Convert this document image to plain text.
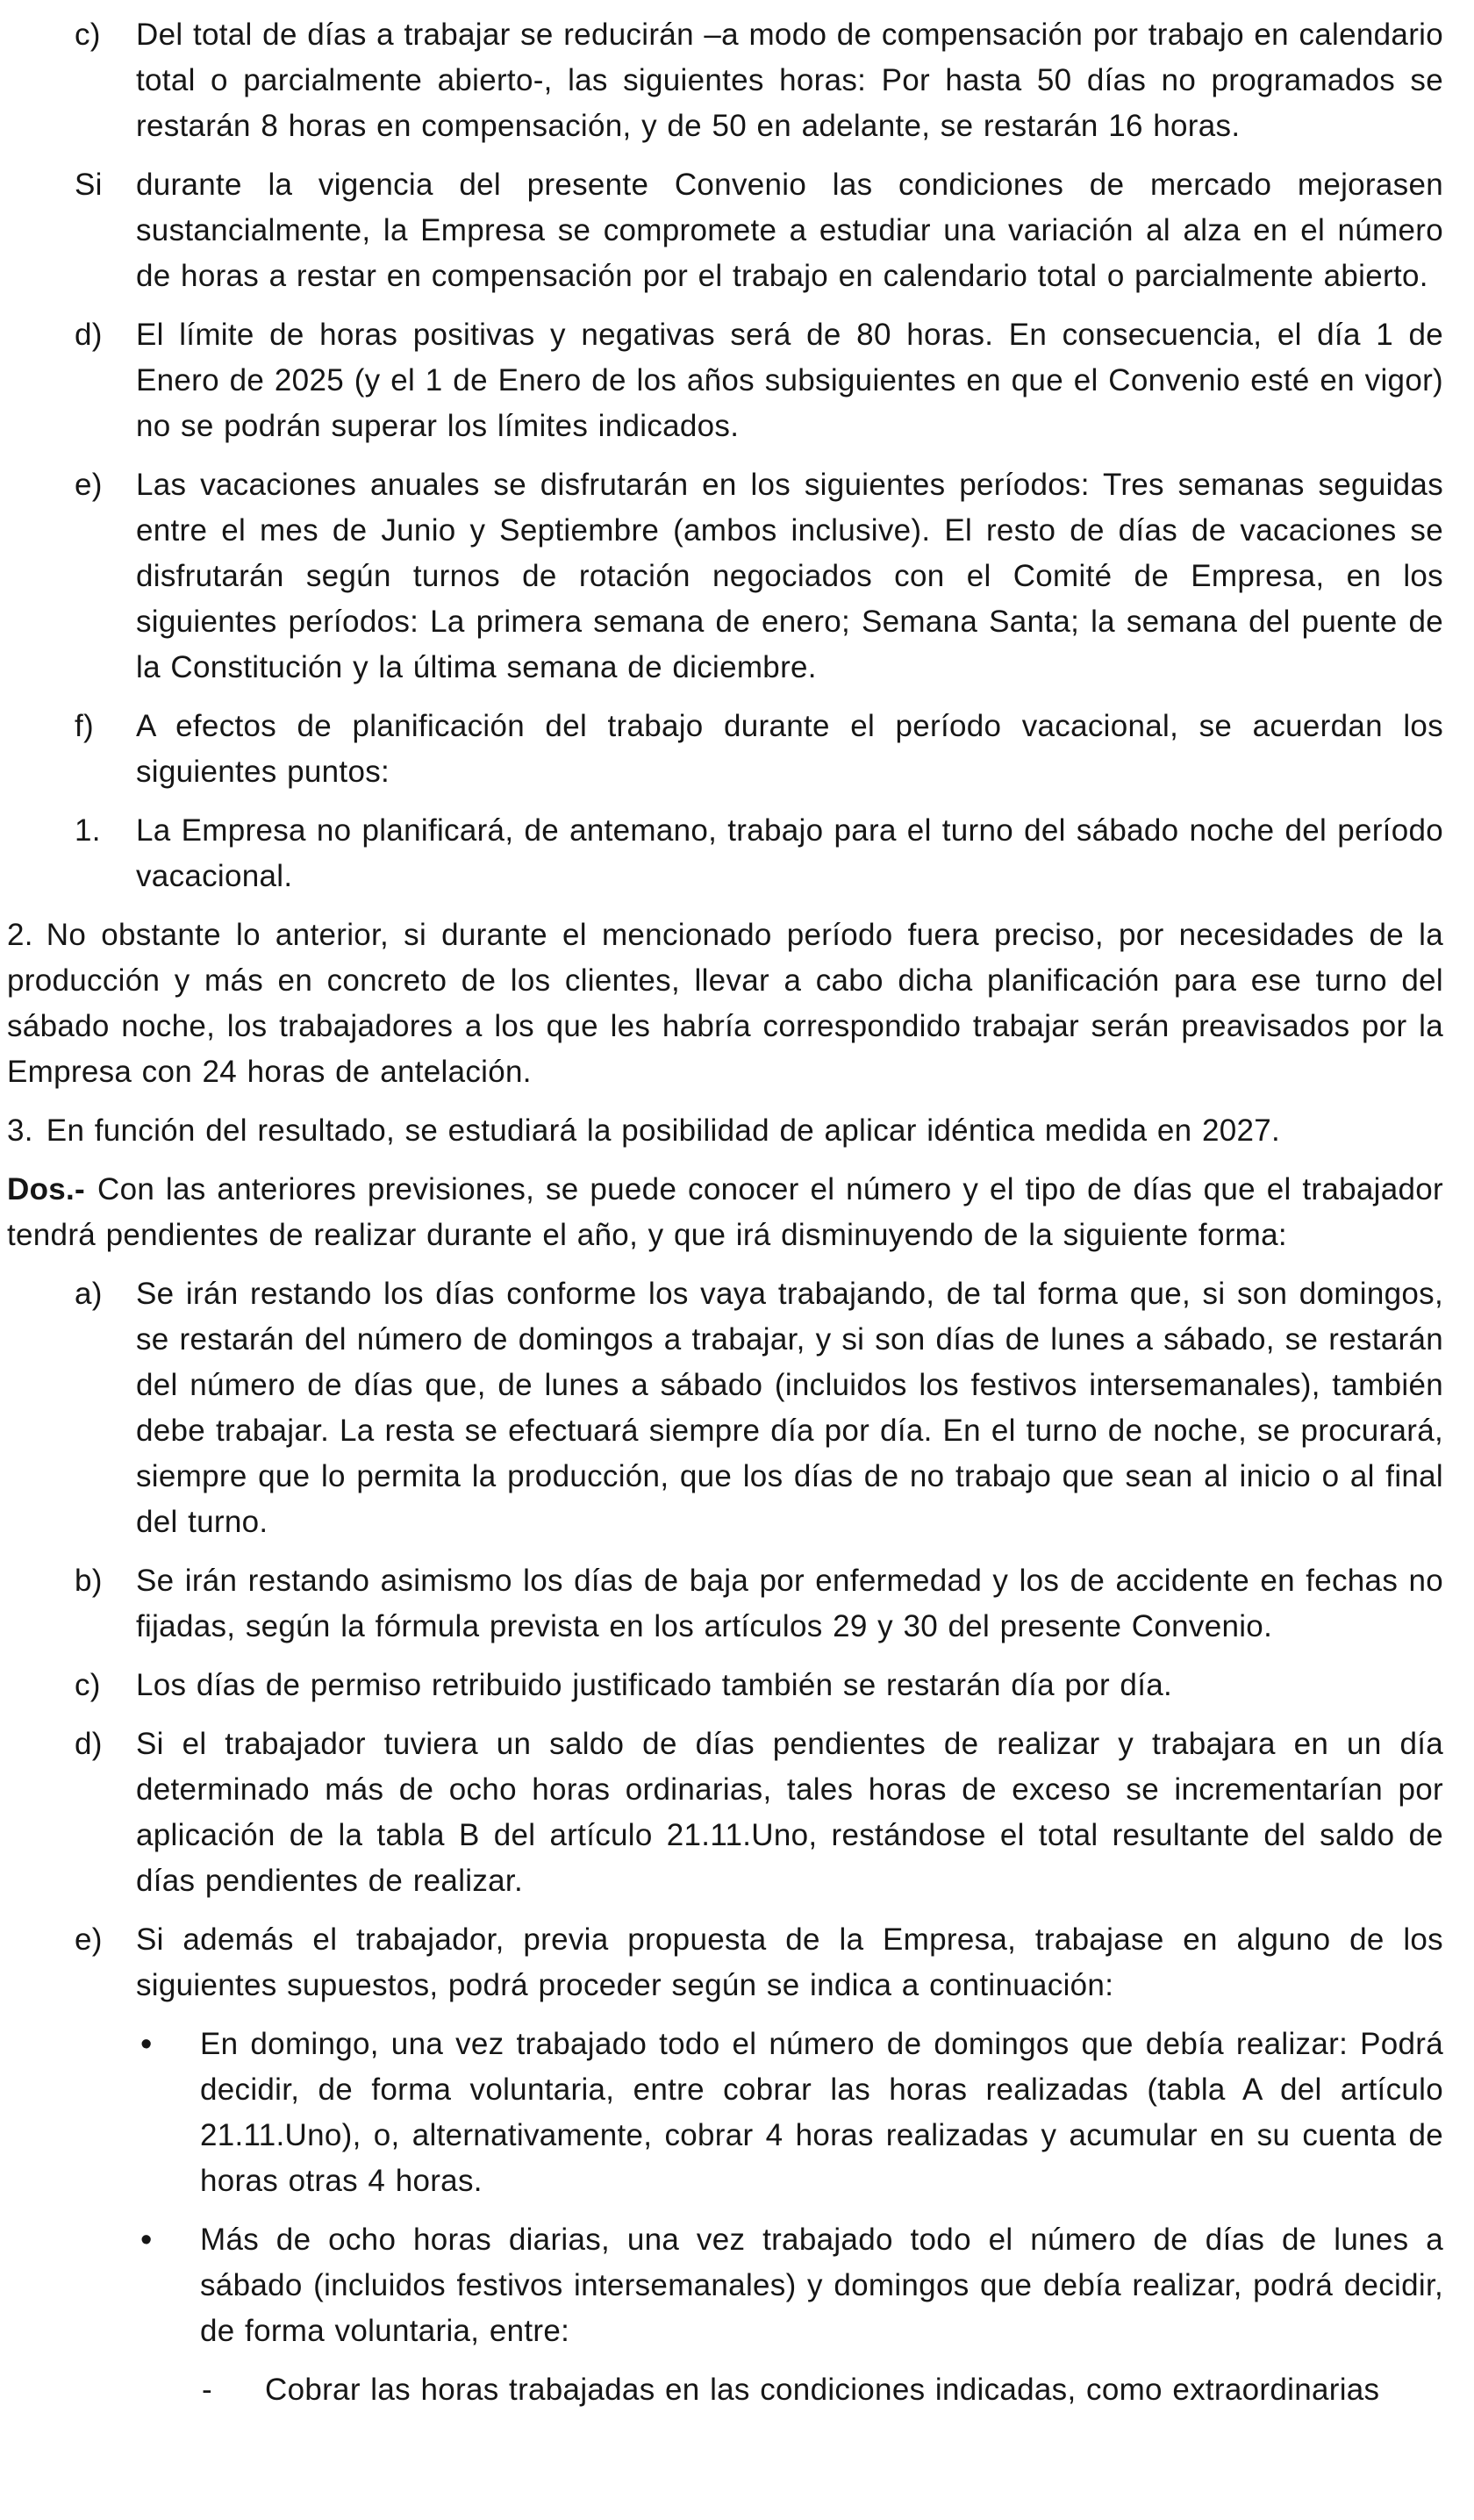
c) Del total de días a trabajar se reducirán –a modo de compensación por trabajo en calendario total o parcialmente abierto-, las siguientes horas: Por hasta 50 días no programados se restarán 8 horas en compensación, y de 50 en adelante, se restarán 16 horas.

Si durante la vigencia del presente Convenio las condiciones de mercado mejorasen sustancialmente, la Empresa se compromete a estudiar una variación al alza en el número de horas a restar en compensación por el trabajo en calendario total o parcialmente abierto.

d) El límite de horas positivas y negativas será de 80 horas. En consecuencia, el día 1 de Enero de 2025 (y el 1 de Enero de los años subsiguientes en que el Convenio esté en vigor) no se podrán superar los límites indicados.

e) Las vacaciones anuales se disfrutarán en los siguientes períodos: Tres semanas seguidas entre el mes de Junio y Septiembre (ambos inclusive). El resto de días de vacaciones se disfrutarán según turnos de rotación negociados con el Comité de Empresa, en los siguientes períodos: La primera semana de enero; Semana Santa; la semana del puente de la Constitución y la última semana de diciembre.

f) A efectos de planificación del trabajo durante el período vacacional, se acuerdan los siguientes puntos:

1. La Empresa no planificará, de antemano, trabajo para el turno del sábado noche del período vacacional.

2. No obstante lo anterior, si durante el mencionado período fuera preciso, por necesidades de la producción y más en concreto de los clientes, llevar a cabo dicha planificación para ese turno del sábado noche, los trabajadores a los que les habría correspondido trabajar serán preavisados por la Empresa con 24 horas de antelación.

3. En función del resultado, se estudiará la posibilidad de aplicar idéntica medida en 2027.

Dos.- Con las anteriores previsiones, se puede conocer el número y el tipo de días que el trabajador tendrá pendientes de realizar durante el año, y que irá disminuyendo de la siguiente forma:

a) Se irán restando los días conforme los vaya trabajando, de tal forma que, si son domingos, se restarán del número de domingos a trabajar, y si son días de lunes a sábado, se restarán del número de días que, de lunes a sábado (incluidos los festivos intersemanales), también debe trabajar. La resta se efectuará siempre día por día. En el turno de noche, se procurará, siempre que lo permita la producción, que los días de no trabajo que sean al inicio o al final del turno.

b) Se irán restando asimismo los días de baja por enfermedad y los de accidente en fechas no fijadas, según la fórmula prevista en los artículos 29 y 30 del presente Convenio.

c) Los días de permiso retribuido justificado también se restarán día por día.

d) Si el trabajador tuviera un saldo de días pendientes de realizar y trabajara en un día determinado más de ocho horas ordinarias, tales horas de exceso se incrementarían por aplicación de la tabla B del artículo 21.11.Uno, restándose el total resultante del saldo de días pendientes de realizar.

e) Si además el trabajador, previa propuesta de la Empresa, trabajase en alguno de los siguientes supuestos, podrá proceder según se indica a continuación:

• En domingo, una vez trabajado todo el número de domingos que debía realizar: Podrá decidir, de forma voluntaria, entre cobrar las horas realizadas (tabla A del artículo 21.11.Uno), o, alternativamente, cobrar 4 horas realizadas y acumular en su cuenta de horas otras 4 horas.

• Más de ocho horas diarias, una vez trabajado todo el número de días de lunes a sábado (incluidos festivos intersemanales) y domingos que debía realizar, podrá decidir, de forma voluntaria, entre:

- Cobrar las horas trabajadas en las condiciones indicadas, como extraordinarias
